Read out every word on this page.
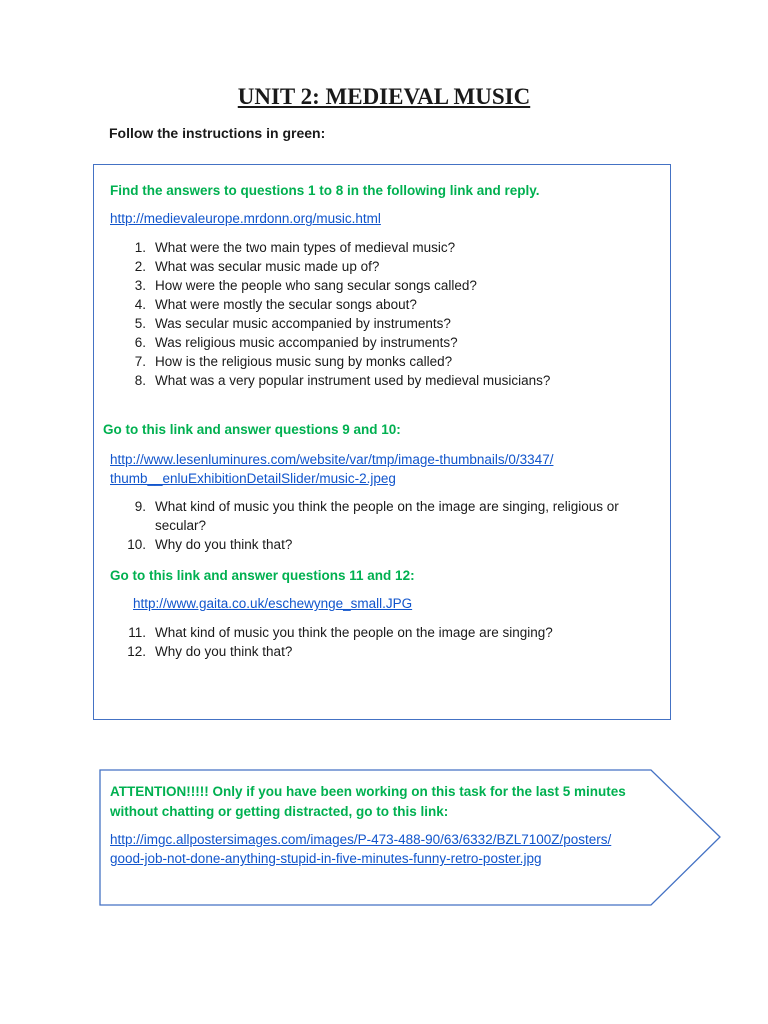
UNIT 2: MEDIEVAL MUSIC

Follow the instructions in green:

Find the answers to questions 1 to 8 in the following link and reply.

http://medievaleurope.mrdonn.org/music.html
1. What were the two main types of medieval music?
2. What was secular music made up of?
3. How were the people who sang secular songs called?
4. What were mostly the secular songs about?
5. Was secular music accompanied by instruments?
6. Was religious music accompanied by instruments?
7. How is the religious music sung by monks called?
8. What was a very popular instrument used by medieval musicians?

Go to this link and answer questions 9 and 10:

http://www.lesenluminures.com/website/var/tmp/image-thumbnails/0/3347/
thumb__enluExhibitionDetailSlider/music-2.jpeg
9. What kind of music you think the people on the image are singing, religious or secular?
10. Why do you think that?

Go to this link and answer questions 11 and 12:

http://www.gaita.co.uk/eschewynge_small.JPG
11. What kind of music you think the people on the image are singing?
12. Why do you think that?

ATTENTION!!!!! Only if you have been working on this task for the last 5 minutes without chatting or getting distracted, go to this link:

http://imgc.allpostersimages.com/images/P-473-488-90/63/6332/BZL7100Z/posters/
good-job-not-done-anything-stupid-in-five-minutes-funny-retro-poster.jpg
